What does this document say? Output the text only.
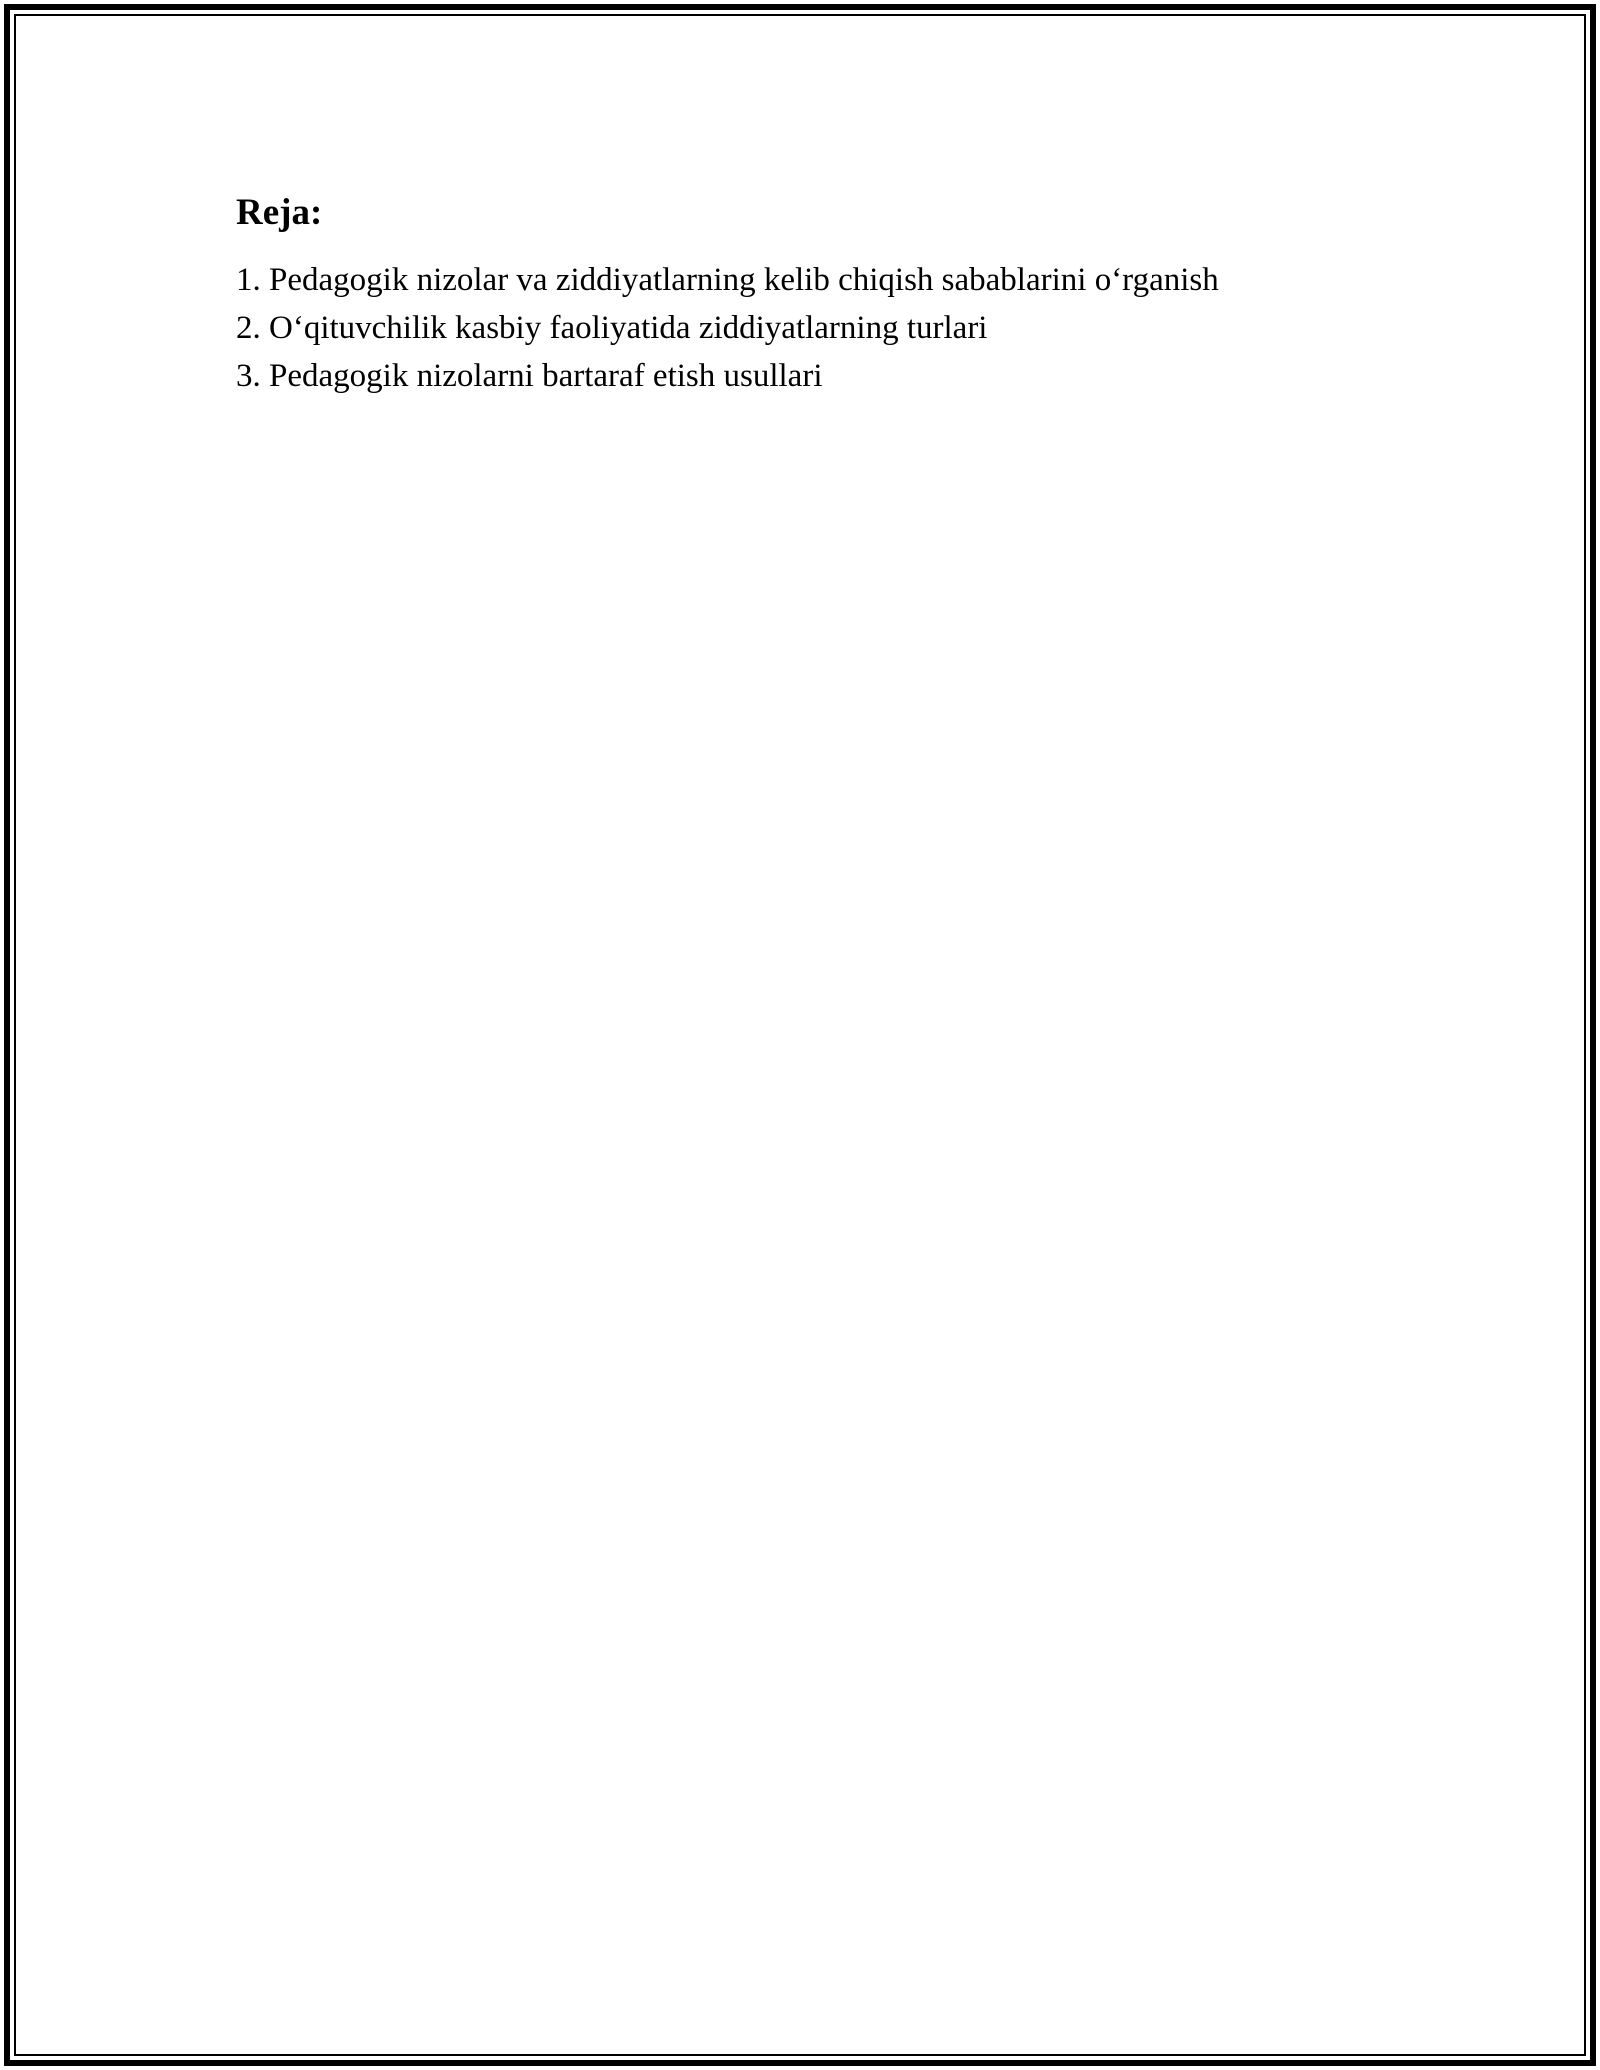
Reja:
1. Pedagogik nizolar va ziddiyatlarning kelib chiqish sabablarini o‘rganish
2. O‘qituvchilik kasbiy faoliyatida ziddiyatlarning turlari
3. Pedagogik nizolarni bartaraf etish usullari
